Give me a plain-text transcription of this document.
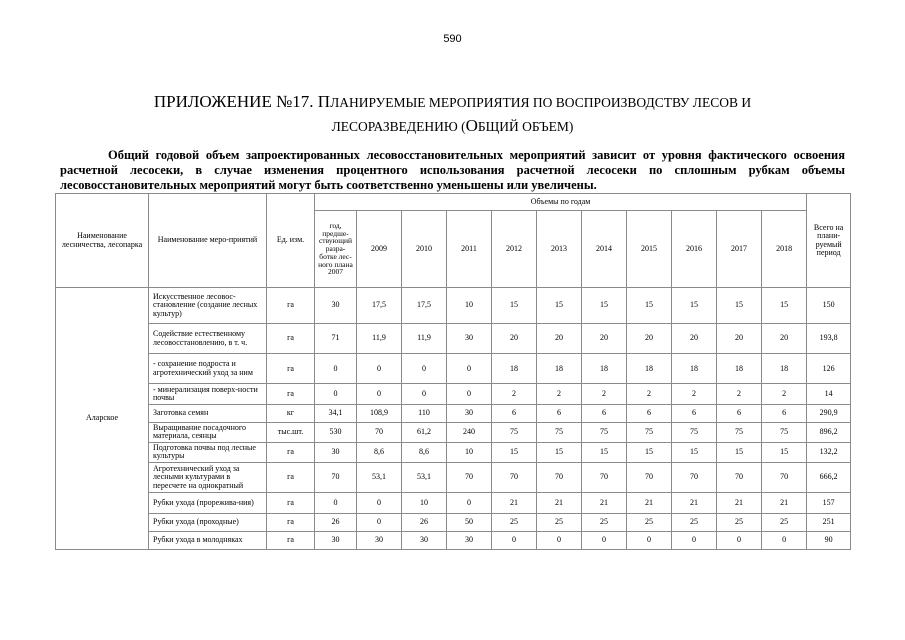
590
ПРИЛОЖЕНИЕ №17. ПЛАНИРУЕМЫЕ МЕРОПРИЯТИЯ ПО ВОСПРОИЗВОДСТВУ ЛЕСОВ И
ЛЕСОРАЗВЕДЕНИЮ (ОБЩИЙ ОБЪЕМ)
Общий годовой объем запроектированных лесовосстановительных мероприятий зависит от уровня фактического освоения расчетной лесосеки, в случае изменения процентного использования расчетной лесосеки по сплошным рубкам объемы лесовосстановительных мероприятий могут быть соответственно уменьшены или увеличены.
Наименование лесничества, лесопарка	Наименование меро-приятий	Ед. изм.	Объемы по годам											Всего на плани-руемый период
			год, предше-ствующий разра-ботке лес-ного плана 2007	2009	2010	2011	2012	2013	2014	2015	2016	2017	2018	
Аларское	Искусственное лесовос-становление (создание лесных культур)	га	30	17,5	17,5	10	15	15	15	15	15	15	15	150
	Содействие естественному лесовосстановлению, в т. ч.	га	71	11,9	11,9	30	20	20	20	20	20	20	20	193,8
	- сохранение подроста и агротехнический уход за ним	га	0	0	0	0	18	18	18	18	18	18	18	126
	- минерализация поверх-ности почвы	га	0	0	0	0	2	2	2	2	2	2	2	14
	Заготовка семян	кг	34,1	108,9	110	30	6	6	6	6	6	6	6	290,9
	Выращивание посадочного материала, сеянцы	тыс.шт.	530	70	61,2	240	75	75	75	75	75	75	75	896,2
	Подготовка почвы под лесные культуры	га	30	8,6	8,6	10	15	15	15	15	15	15	15	132,2
	Агротехнический уход за лесными культурами в пересчете на однократный	га	70	53,1	53,1	70	70	70	70	70	70	70	70	666,2
	Рубки ухода (прорежива-ния)	га	0	0	10	0	21	21	21	21	21	21	21	157
	Рубки ухода (проходные)	га	26	0	26	50	25	25	25	25	25	25	25	251
	Рубки ухода в молодняках	га	30	30	30	30	0	0	0	0	0	0	0	90
